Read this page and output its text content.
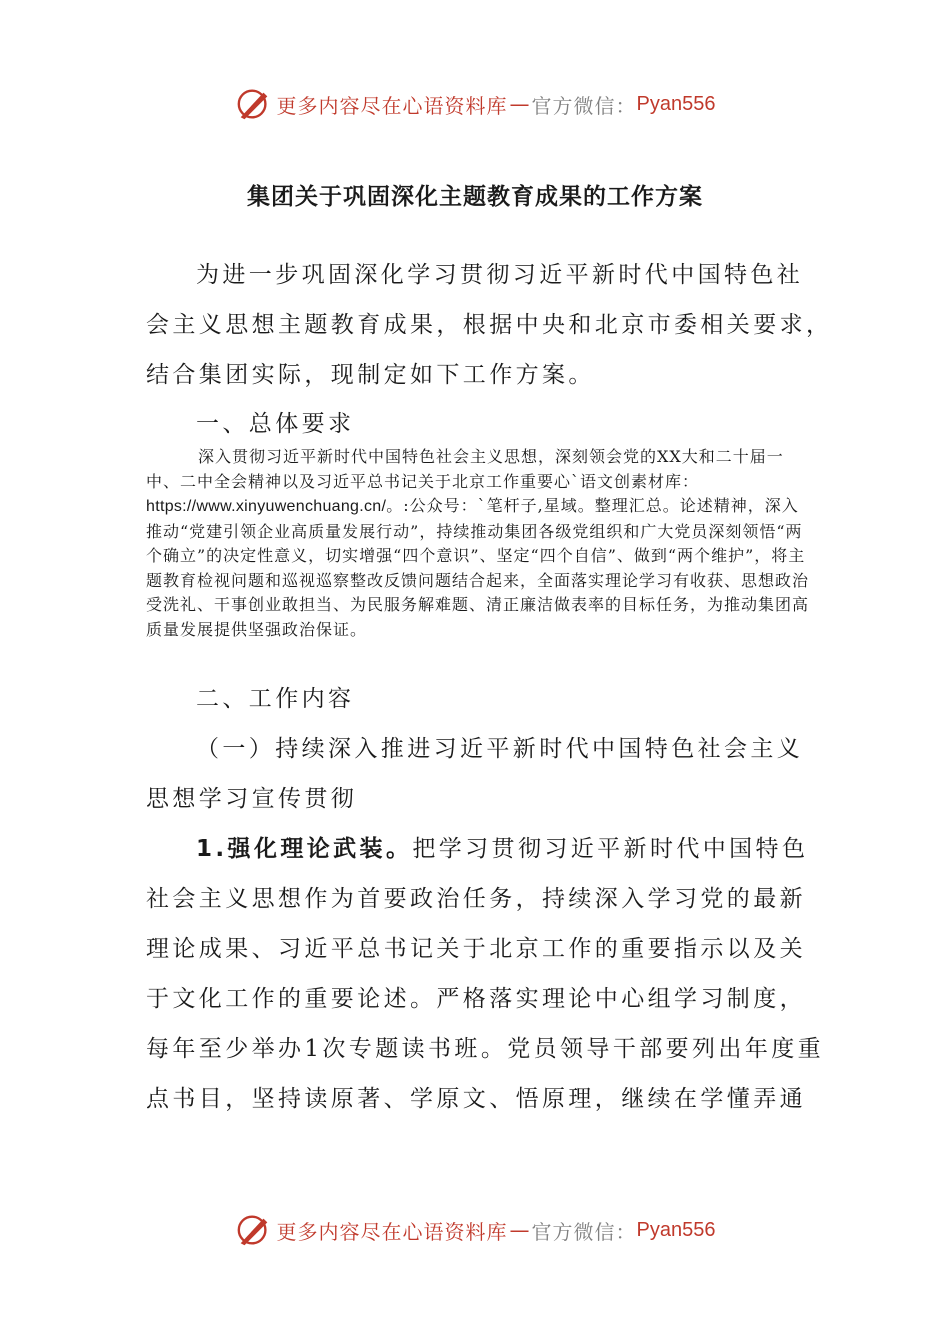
更多内容尽在心语资料库 — 官方微信： Pyan556
集团关于巩固深化主题教育成果的工作方案

为进一步巩固深化学习贯彻习近平新时代中国特色社

会主义思想主题教育成果，根据中央和北京市委相关要求，

结合集团实际，现制定如下工作方案。

一、总体要求

深入贯彻习近平新时代中国特色社会主义思想，深刻领会党的XX大和二十届一中、二中全会精神以及习近平总书记关于北京工作重要心`语文创素材库：https://www.xinyuwenchuang.cn/。:公众号：`笔杆子,星域。整理汇总。论述精神，深入推动“党建引领企业高质量发展行动”，持续推动集团各级党组织和广大党员深刻领悟“两个确立”的决定性意义，切实增强“四个意识”、坚定“四个自信”、做到“两个维护”，将主题教育检视问题和巡视巡察整改反馈问题结合起来，全面落实理论学习有收获、思想政治受洗礼、干事创业敢担当、为民服务解难题、清正廉洁做表率的目标任务，为推动集团高质量发展提供坚强政治保证。

二、工作内容

（一）持续深入推进习近平新时代中国特色社会主义

思想学习宣传贯彻

1.强化理论武装。把学习贯彻习近平新时代中国特色

社会主义思想作为首要政治任务，持续深入学习党的最新

理论成果、习近平总书记关于北京工作的重要指示以及关

于文化工作的重要论述。严格落实理论中心组学习制度，

每年至少举办1次专题读书班。党员领导干部要列出年度重

点书目，坚持读原著、学原文、悟原理，继续在学懂弄通

更多内容尽在心语资料库 — 官方微信： Pyan556
